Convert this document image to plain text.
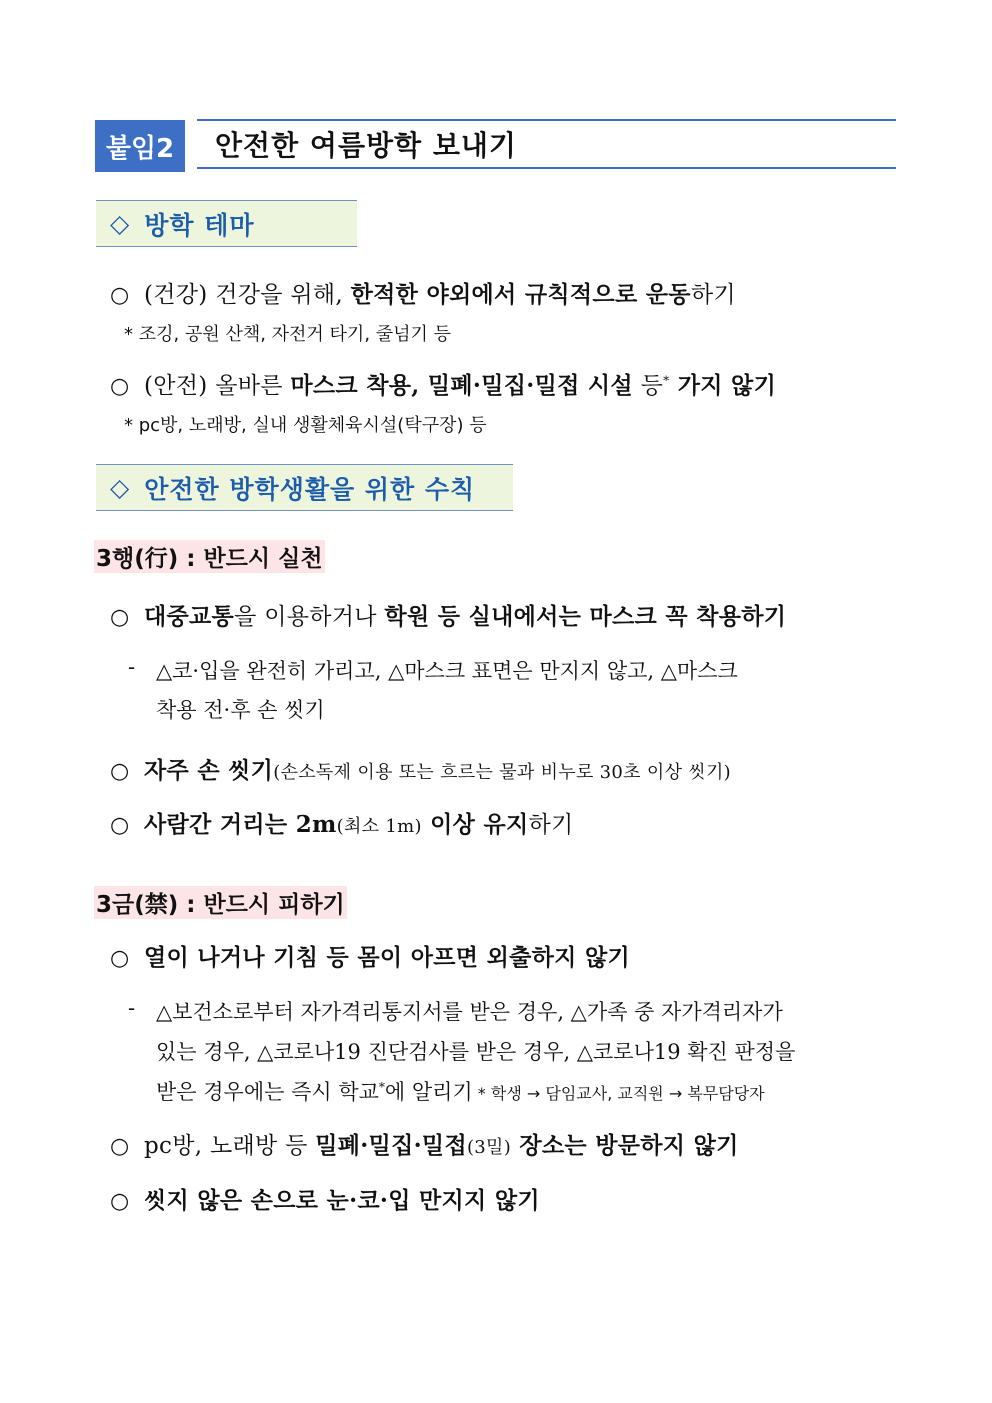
붙임2 안전한 여름방학 보내기
◇ 방학 테마
○ (건강) 건강을 위해, 한적한 야외에서 규칙적으로 운동하기
* 조깅, 공원 산책, 자전거 타기, 줄넘기 등
○ (안전) 올바른 마스크 착용, 밀폐·밀집·밀접 시설 등* 가지 않기
* pc방, 노래방, 실내 생활체육시설(탁구장) 등
◇ 안전한 방학생활을 위한 수칙
3행(行) : 반드시 실천
○ 대중교통을 이용하거나 학원 등 실내에서는 마스크 꼭 착용하기
- △코·입을 완전히 가리고, △마스크 표면은 만지지 않고, △마스크
착용 전·후 손 씻기
○ 자주 손 씻기(손소독제 이용 또는 흐르는 물과 비누로 30초 이상 씻기)
○ 사람간 거리는 2m(최소 1m) 이상 유지하기
3금(禁) : 반드시 피하기
○ 열이 나거나 기침 등 몸이 아프면 외출하지 않기
- △보건소로부터 자가격리통지서를 받은 경우, △가족 중 자가격리자가
있는 경우, △코로나19 진단검사를 받은 경우, △코로나19 확진 판정을
받은 경우에는 즉시 학교*에 알리기 * 학생 → 담임교사, 교직원 → 복무담당자
○ pc방, 노래방 등 밀폐·밀집·밀접(3밀) 장소는 방문하지 않기
○ 씻지 않은 손으로 눈·코·입 만지지 않기
